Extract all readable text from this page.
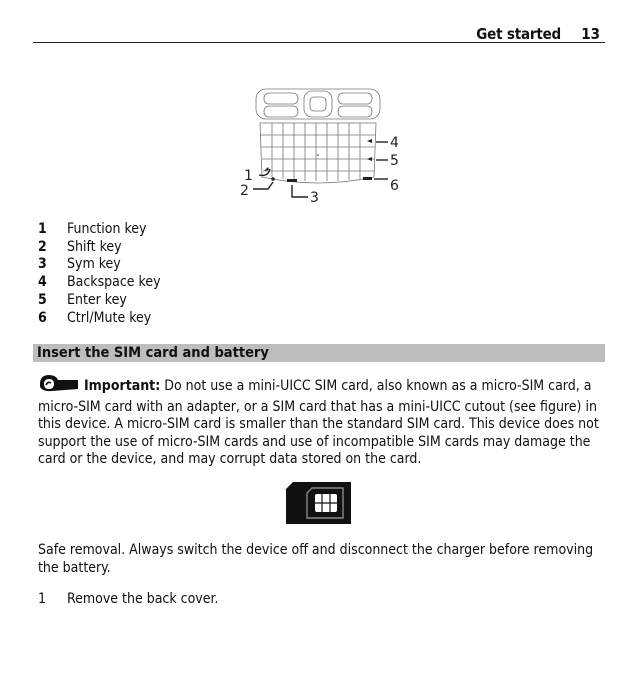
Get started 13
1
2	3
4
5
6
1	Function key
2	Shift key
3	Sym key
4	Backspace key
5	Enter key
6	Ctrl/Mute key
Insert the SIM card and battery
Important: Do not use a mini-UICC SIM card, also known as a micro-SIM card, a micro-SIM card with an adapter, or a SIM card that has a mini-UICC cutout (see figure) in this device. A micro-SIM card is smaller than the standard SIM card. This device does not support the use of micro-SIM cards and use of incompatible SIM cards may damage the card or the device, and may corrupt data stored on the card.
Safe removal. Always switch the device off and disconnect the charger before removing the battery.
1	Remove the back cover.
